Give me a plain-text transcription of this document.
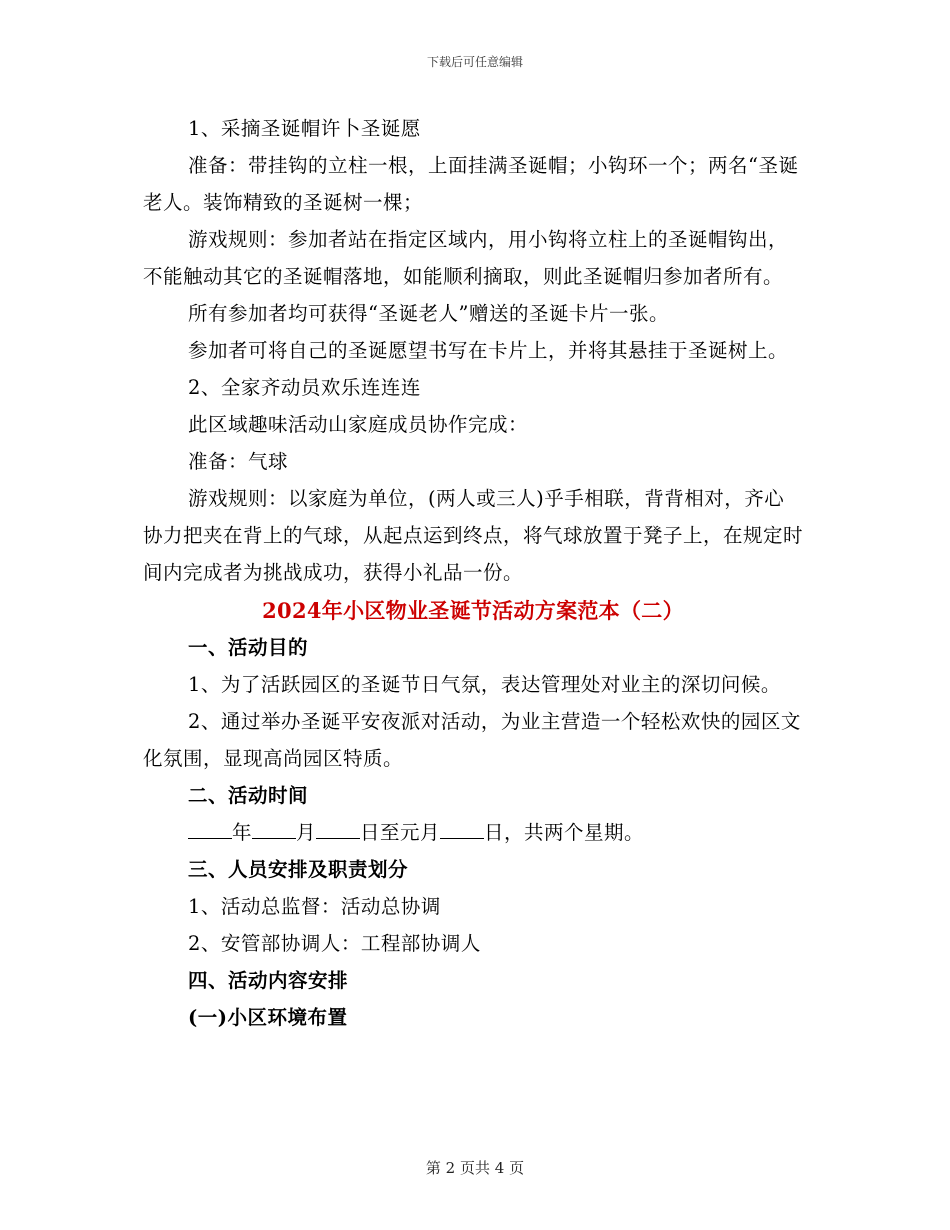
下载后可任意编辑

1、采摘圣诞帽许卜圣诞愿

准备：带挂钩的立柱一根，上面挂满圣诞帽；小钩环一个；两名“圣诞老人。装饰精致的圣诞树一棵；

游戏规则：参加者站在指定区域内，用小钩将立柱上的圣诞帽钩出，不能触动其它的圣诞帽落地，如能顺利摘取，则此圣诞帽归参加者所有。

所有参加者均可获得“圣诞老人”赠送的圣诞卡片一张。

参加者可将自己的圣诞愿望书写在卡片上，并将其悬挂于圣诞树上。

2、全家齐动员欢乐连连连

此区域趣味活动山家庭成员协作完成：

准备：气球

游戏规则：以家庭为单位，(两人或三人)乎手相联，背背相对，齐心协力把夹在背上的气球，从起点运到终点，将气球放置于凳子上，在规定时间内完成者为挑战成功，获得小礼品一份。

2024年小区物业圣诞节活动方案范本（二）

一、活动目的

1、为了活跃园区的圣诞节日气氛，表达管理处对业主的深切问候。

2、通过举办圣诞平安夜派对活动，为业主营造一个轻松欢快的园区文化氛围，显现高尚园区特质。

二、活动时间

年 月 日至元月 日，共两个星期。

三、人员安排及职责划分

1、活动总监督：活动总协调

2、安管部协调人：工程部协调人

四、活动内容安排

(一)小区环境布置

第 2 页共 4 页
